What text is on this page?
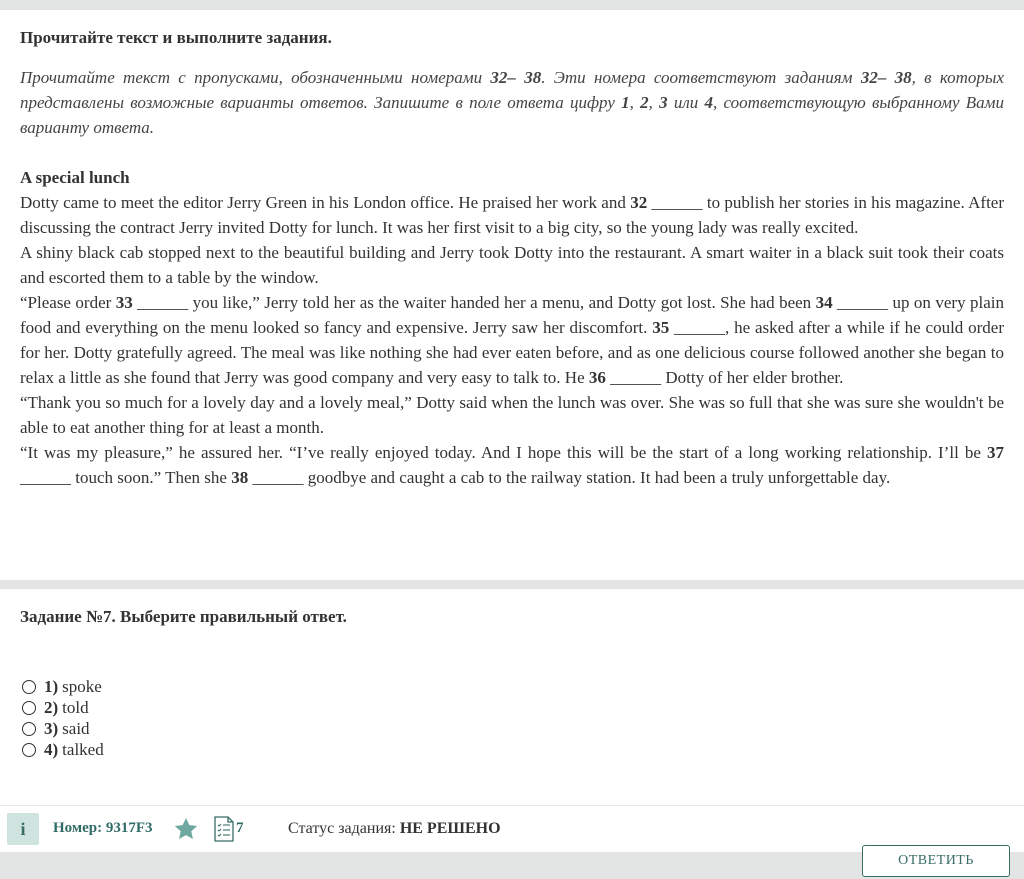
Прочитайте текст и выполните задания.
Прочитайте текст с пропусками, обозначенными номерами 32– 38. Эти номера соответствуют заданиям 32– 38, в которых представлены возможные варианты ответов. Запишите в поле ответа цифру 1, 2, 3 или 4, соответствующую выбранному Вами варианту ответа.

A special lunch

Dotty came to meet the editor Jerry Green in his London office. He praised her work and 32 ______ to publish her stories in his magazine. After discussing the contract Jerry invited Dotty for lunch. It was her first visit to a big city, so the young lady was really excited.

A shiny black cab stopped next to the beautiful building and Jerry took Dotty into the restaurant. A smart waiter in a black suit took their coats and escorted them to a table by the window.

“Please order 33 ______ you like,” Jerry told her as the waiter handed her a menu, and Dotty got lost. She had been 34 ______ up on very plain food and everything on the menu looked so fancy and expensive. Jerry saw her discomfort. 35 ______, he asked after a while if he could order for her. Dotty gratefully agreed. The meal was like nothing she had ever eaten before, and as one delicious course followed another she began to relax a little as she found that Jerry was good company and very easy to talk to. He 36 ______ Dotty of her elder brother.

“Thank you so much for a lovely day and a lovely meal,” Dotty said when the lunch was over. She was so full that she was sure she wouldn't be able to eat another thing for at least a month.

“It was my pleasure,” he assured her. “I’ve really enjoyed today. And I hope this will be the start of a long working relationship. I’ll be 37 ______ touch soon.” Then she 38 ______ goodbye and caught a cab to the railway station. It had been a truly unforgettable day.

Задание №7. Выберите правильный ответ.
1) spoke
2) told
3) said
4) talked
i Номер: 9317F3	7	Статус задания: НЕ РЕШЕНО
ОТВЕТИТЬ
